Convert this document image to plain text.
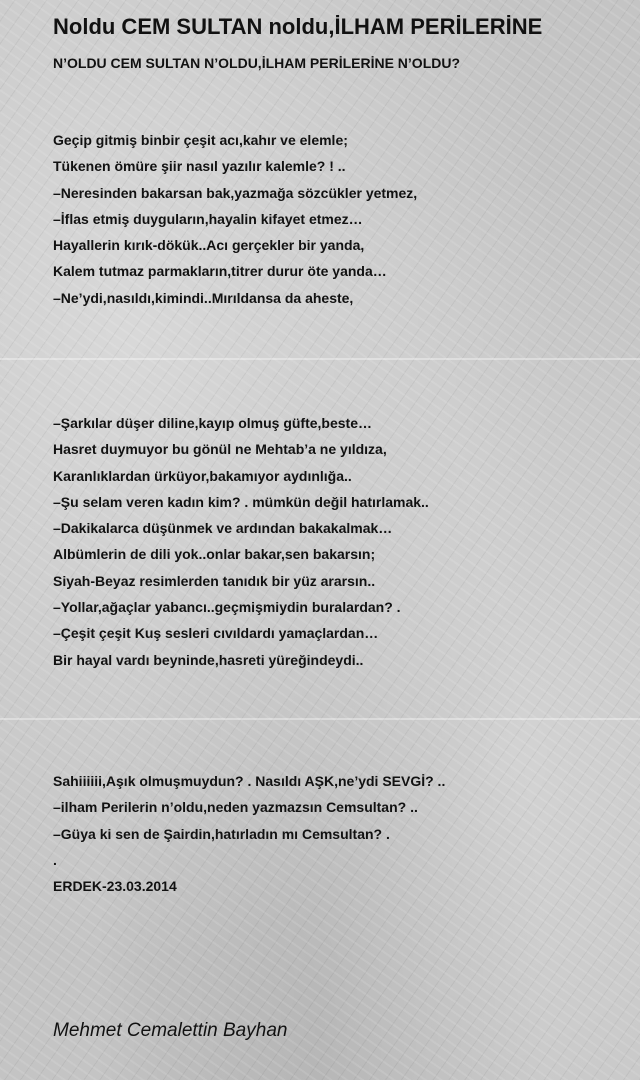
Noldu CEM SULTAN noldu,İLHAM PERİLERİNE
N’OLDU CEM SULTAN N’OLDU,İLHAM PERİLERİNE N’OLDU?
Geçip gitmiş binbir çeşit acı,kahır ve elemle;
Tükenen ömüre şiir nasıl yazılır kalemle? ! ..
–Neresinden bakarsan bak,yazmağa sözcükler yetmez,
–İflas etmiş duyguların,hayalin kifayet etmez…
Hayallerin kırık-dökük..Acı gerçekler bir yanda,
Kalem tutmaz parmakların,titrer durur öte yanda…
–Ne’ydi,nasıldı,kimindi..Mırıldansa da aheste,
–Şarkılar düşer diline,kayıp olmuş güfte,beste…
Hasret duymuyor bu gönül ne Mehtab’a ne yıldıza,
Karanlıklardan ürküyor,bakamıyor aydınlığa..
–Şu selam veren kadın kim? . mümkün değil hatırlamak..
–Dakikalarca düşünmek ve ardından bakakalmak…
Albümlerin de dili yok..onlar bakar,sen bakarsın;
Siyah-Beyaz resimlerden tanıdık bir yüz ararsın..
–Yollar,ağaçlar yabancı..geçmişmiydin buralardan? .
–Çeşit çeşit Kuş sesleri cıvıldardı yamaçlardan…
Bir hayal vardı beyninde,hasreti yüreğindeydi..
Sahiiiiii,Aşık olmuşmuydun? . Nasıldı AŞK,ne’ydi SEVGİ? ..
–ilham Perilerin n’oldu,neden yazmazsın Cemsultan? ..
–Güya ki sen de Şairdin,hatırladın mı Cemsultan? .
.
ERDEK-23.03.2014
Mehmet Cemalettin Bayhan
